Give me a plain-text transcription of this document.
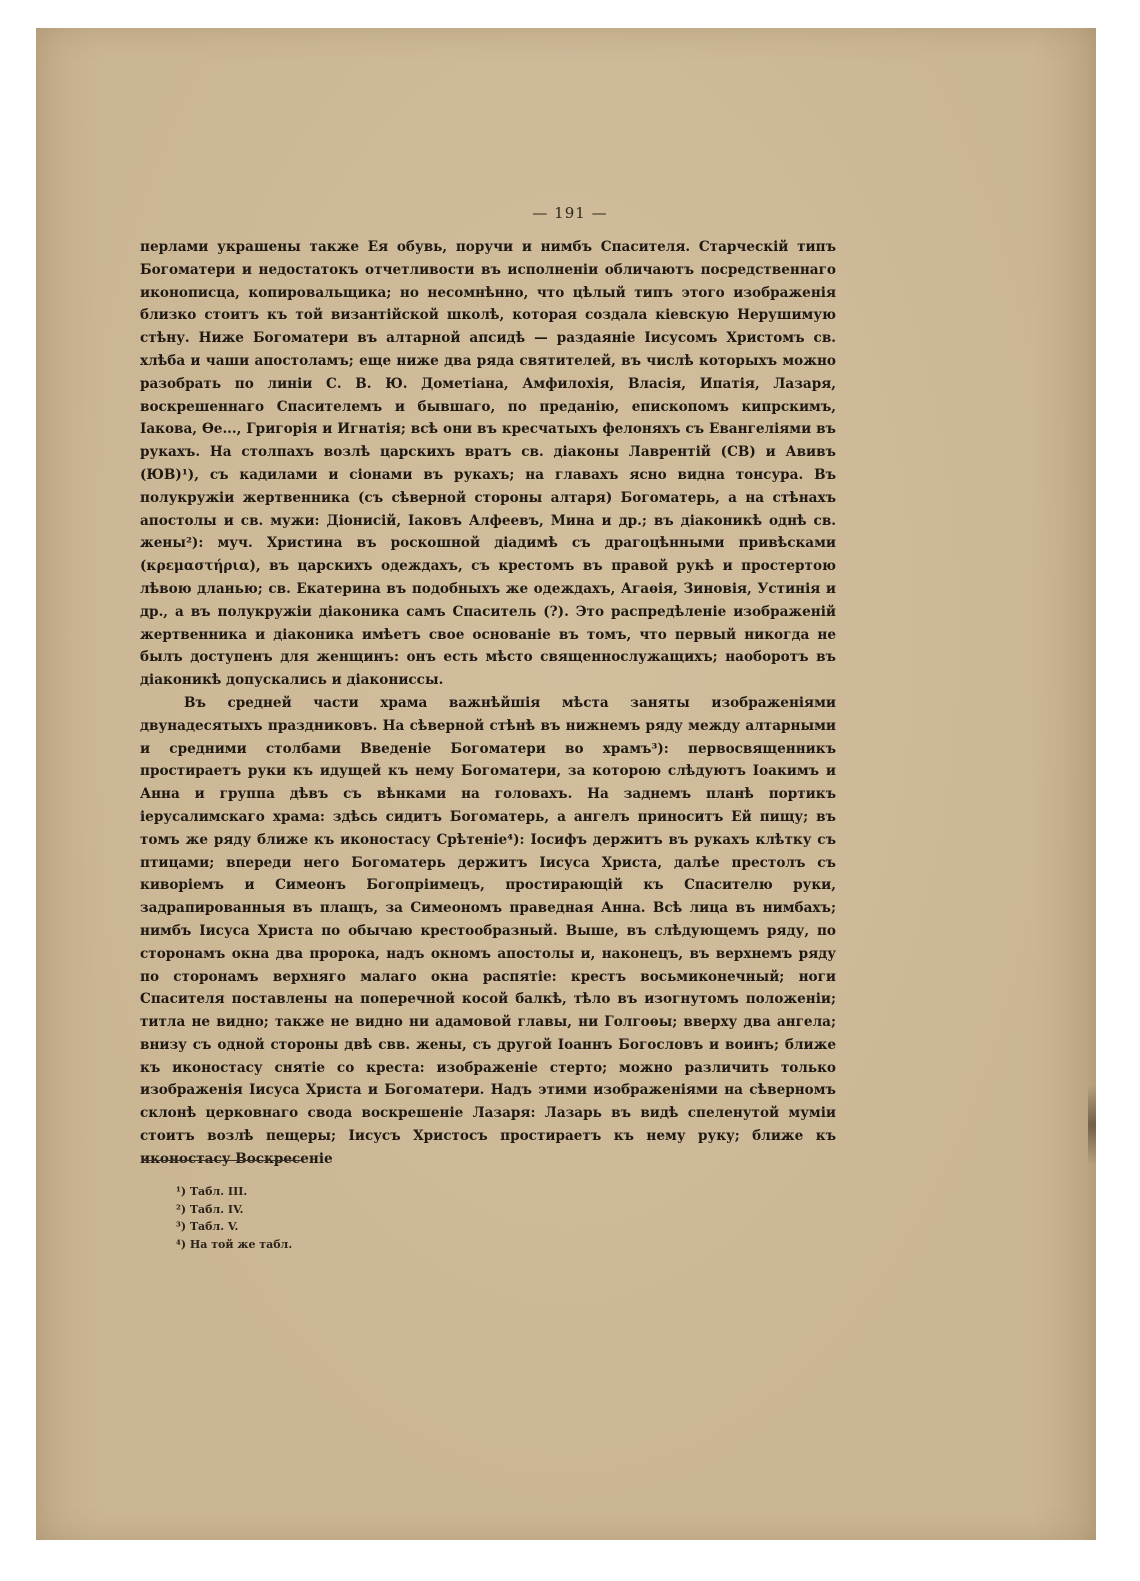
— 191 —

перлами украшены также Ея обувь, поручи и нимбъ Спасителя. Старческій типъ Богоматери и недостатокъ отчетливости въ исполненіи обличаютъ посредственнаго иконописца, копировальщика; но несомнѣнно, что цѣлый типъ этого изображенія близко стоитъ къ той византійской школѣ, которая создала кіевскую Нерушимую стѣну. Ниже Богоматери въ алтарной апсидѣ — раздаяніе Іисусомъ Христомъ св. хлѣба и чаши апостоламъ; еще ниже два ряда святителей, въ числѣ которыхъ можно разобрать по линіи С. В. Ю. Дометіана, Амфилохія, Власія, Ипатія, Лазаря, воскрешеннаго Спасителемъ и бывшаго, по преданію, епископомъ кипрскимъ, Іакова, Ѳе..., Григорія и Игнатія; всѣ они въ кресчатыхъ фелоняхъ съ Евангеліями въ рукахъ. На столпахъ возлѣ царскихъ вратъ св. діаконы Лаврентій (СВ) и Авивъ (ЮВ)¹), съ кадилами и сіонами въ рукахъ; на главахъ ясно видна тонсура. Въ полукружіи жертвенника (съ сѣверной стороны алтаря) Богоматерь, а на стѣнахъ апостолы и св. мужи: Діонисій, Іаковъ Алфеевъ, Мина и др.; въ діаконикѣ однѣ св. жены²): муч. Христина въ роскошной діадимѣ съ драгоцѣнными привѣсками (κρεμαστήρια), въ царскихъ одеждахъ, съ крестомъ въ правой рукѣ и простертою лѣвою дланью; св. Екатерина въ подобныхъ же одеждахъ, Агаѳія, Зиновія, Устинія и др., а въ полукружіи діаконика самъ Спаситель (?). Это распредѣленіе изображеній жертвенника и діаконика имѣетъ свое основаніе въ томъ, что первый никогда не былъ доступенъ для женщинъ: онъ есть мѣсто священнослужащихъ; наоборотъ въ діаконикѣ допускались и діакониссы.

Въ средней части храма важнѣйшія мѣста заняты изображеніями двунадесятыхъ праздниковъ. На сѣверной стѣнѣ въ нижнемъ ряду между алтарными и средними столбами Введеніе Богоматери во храмъ³): первосвященникъ простираетъ руки къ идущей къ нему Богоматери, за которою слѣдуютъ Іоакимъ и Анна и группа дѣвъ съ вѣнками на головахъ. На заднемъ планѣ портикъ іерусалимскаго храма: здѣсь сидитъ Богоматерь, а ангелъ приноситъ Ей пищу; въ томъ же ряду ближе къ иконостасу Срѣтеніе⁴): Іосифъ держитъ въ рукахъ клѣтку съ птицами; впереди него Богоматерь держитъ Іисуса Христа, далѣе престолъ съ киворіемъ и Симеонъ Богопріимецъ, простирающій къ Спасителю руки, задрапированныя въ плащъ, за Симеономъ праведная Анна. Всѣ лица въ нимбахъ; нимбъ Іисуса Христа по обычаю крестообразный. Выше, въ слѣдующемъ ряду, по сторонамъ окна два пророка, надъ окномъ апостолы и, наконецъ, въ верхнемъ ряду по сторонамъ верхняго малаго окна распятіе: крестъ восьмиконечный; ноги Спасителя поставлены на поперечной косой балкѣ, тѣло въ изогнутомъ положеніи; титла не видно; также не видно ни адамовой главы, ни Голгоѳы; вверху два ангела; внизу съ одной стороны двѣ свв. жены, съ другой Іоаннъ Богословъ и воинъ; ближе къ иконостасу снятіе со креста: изображеніе стерто; можно различить только изображенія Іисуса Христа и Богоматери. Надъ этими изображеніями на сѣверномъ склонѣ церковнаго свода воскрешеніе Лазаря: Лазарь въ видѣ спеленутой муміи стоитъ возлѣ пещеры; Іисусъ Христосъ простираетъ къ нему руку; ближе къ иконостасу Воскресеніе

¹) Табл. III.
²) Табл. IV.
³) Табл. V.
⁴) На той же табл.
